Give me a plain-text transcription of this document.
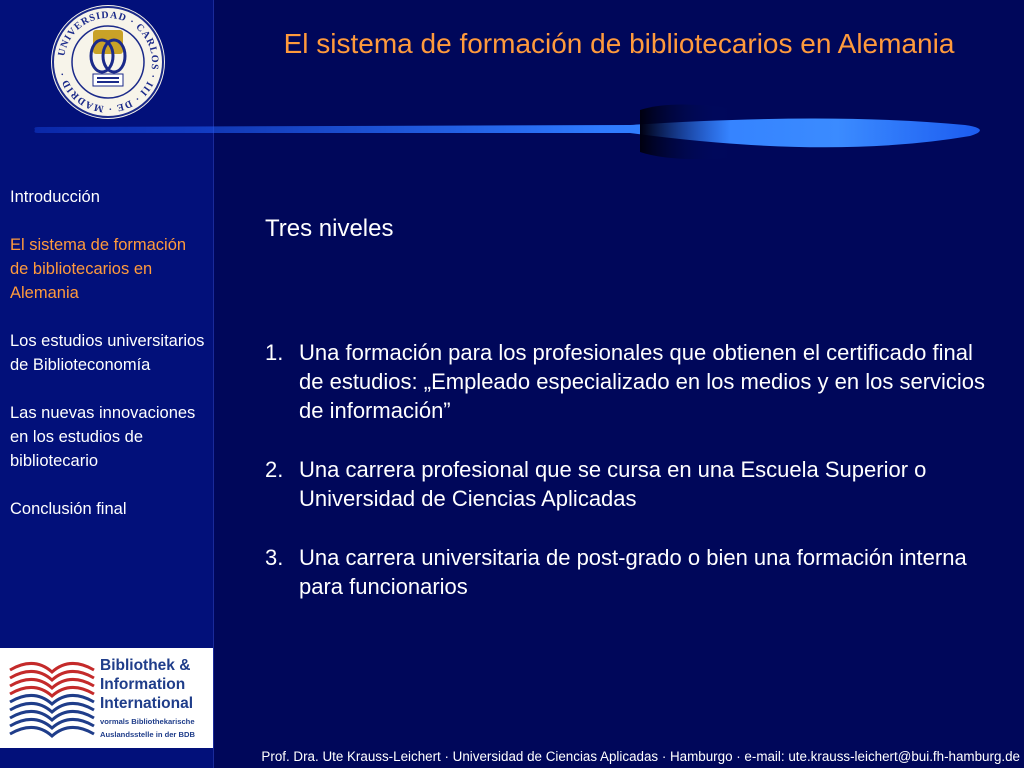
UNIVERSIDAD · CARLOS · III · DE · MADRID ·
Introducción
El sistema de formación de bibliotecarios en Alemania
Los estudios universitarios de Biblioteconomía
Las nuevas innovaciones en los estudios de bibliotecario
Conclusión final
Bibliothek &
Information
International
vormals Bibliothekarische
Auslandsstelle in der BDB
El sistema de formación de bibliotecarios en Alemania
Tres niveles
1. Una formación para los profesionales que obtienen el certificado final de estudios: „Empleado especializado en los medios y en los servicios de información”
2. Una carrera profesional que se cursa en una Escuela Superior o Universidad de Ciencias Aplicadas
3. Una carrera universitaria de post-grado o bien una formación interna para funcionarios
Prof. Dra. Ute Krauss-Leichert · Universidad de Ciencias Aplicadas · Hamburgo · e-mail: ute.krauss-leichert@bui.fh-hamburg.de
